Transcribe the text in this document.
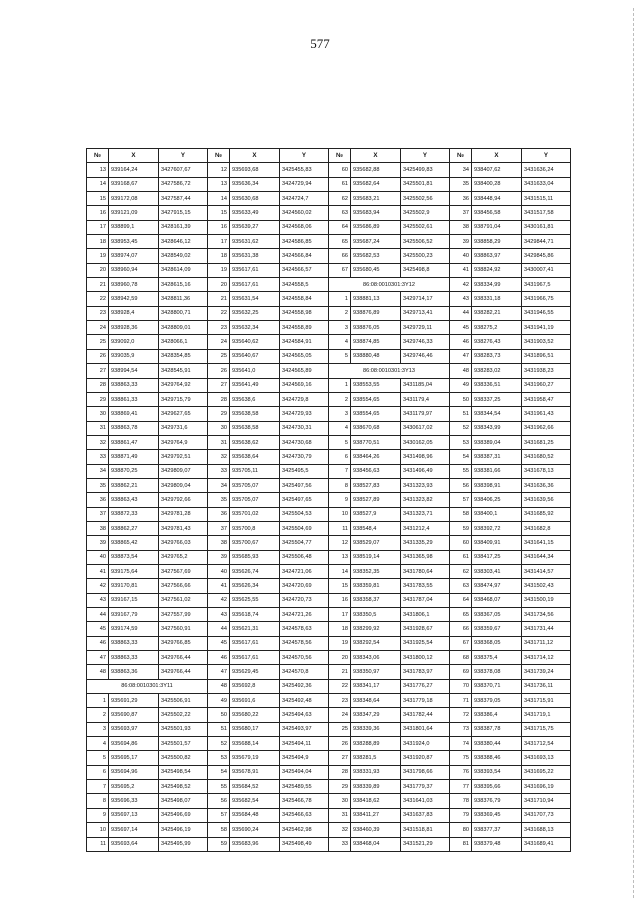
577
№	X	Y	№	X	Y	№	X	Y	№	X	Y
13	939164,24	3427607,67	12	935693,68	3425455,83	60	935682,88	3425499,83	34	938407,62	3431636,24
14	939168,67	3427586,72	13	935636,34	3424729,94	61	935682,64	3425501,81	35	938400,28	3431633,04
15	939172,08	3427587,44	14	935630,68	3424724,7	62	935683,21	3425502,56	36	938448,94	3431515,11
16	939121,09	3427915,15	15	935633,49	3424560,02	63	935683,94	3425502,9	37	938456,58	3431517,58
17	938899,1	3428161,39	16	935639,27	3424568,06	64	935686,89	3425502,61	38	938791,04	3430161,81
18	938953,45	3428646,12	17	935631,62	3424586,85	65	935687,24	3425506,52	39	938858,29	3429844,71
19	938974,07	3428549,02	18	935631,38	3424566,84	66	935682,53	3425500,23	40	938863,97	3429845,86
20	938960,94	3428614,09	19	935617,61	3424566,57	67	935680,45	3425498,8	41	938824,92	3430007,41
21	938960,78	3428615,16	20	935617,61	3424558,5	86:08:0010301:3Y12			42	938334,99	3431967,5
22	938942,59	3428811,36	21	935631,54	3424558,84	1	938881,13	3429714,17	43	938331,18	3431966,75
23	938928,4	3428800,71	22	935632,25	3424558,98	2	938876,89	3429713,41	44	938282,21	3431946,55
24	938928,36	3428809,01	23	935632,34	3424558,89	3	938876,05	3429729,11	45	938275,2	3431941,19
25	939092,0	3428066,1	24	935640,62	3424584,91	4	938874,85	3429746,33	46	938276,43	3431903,52
26	939035,9	3428354,85	25	935640,67	3424565,05	5	938880,48	3429746,46	47	938283,73	3431896,51
27	938994,54	3428545,91	26	935641,0	3424565,89	86:08:0010301:3Y13			48	938283,02	3431938,23
28	938863,33	3429764,92	27	935641,49	3424569,16	1	938553,55	3431185,04	49	938336,51	3431960,27
29	938861,33	3429715,79	28	935638,6	3424729,8	2	938554,65	3431179,4	50	938337,25	3431958,47
30	938869,41	3429627,65	29	935638,58	3424729,93	3	938554,65	3431179,97	51	938344,54	3431961,43
31	938863,78	3429731,6	30	935638,58	3424730,31	4	938670,68	3430617,02	52	938343,99	3431962,66
32	938861,47	3429764,9	31	935638,62	3424730,68	5	938770,51	3430162,05	53	938389,04	3431681,25
33	938871,49	3429792,51	32	935638,64	3424730,79	6	938464,26	3431498,96	54	938387,31	3431680,52
34	938870,25	3429809,07	33	935705,11	3425495,5	7	938456,63	3431496,49	55	938381,66	3431678,13
35	938862,21	3429809,04	34	935705,07	3425497,56	8	938527,83	3431323,93	56	938398,91	3431636,36
36	938863,43	3429792,66	35	935705,07	3425497,65	9	938527,89	3431323,82	57	938406,25	3431639,56
37	938872,33	3429781,28	36	935701,02	3425504,53	10	938527,9	3431323,71	58	938400,1	3431685,92
38	938862,27	3429781,43	37	935700,8	3425504,69	11	938548,4	3431212,4	59	938392,72	3431682,8
39	938865,42	3429766,03	38	935700,67	3425504,77	12	938529,07	3431335,29	60	938409,91	3431641,15
40	938873,54	3429765,2	39	935685,93	3425506,48	13	938519,14	3431365,98	61	938417,25	3431644,34
41	939175,64	3427567,69	40	935626,74	3424721,06	14	938352,35	3431780,64	62	938303,41	3431414,57
42	939170,81	3427566,66	41	935626,34	3424720,69	15	938359,81	3431783,55	63	938474,97	3431502,43
43	939167,15	3427561,02	42	935625,55	3424720,73	16	938358,37	3431787,04	64	938468,07	3431500,19
44	939167,79	3427557,99	43	935618,74	3424721,26	17	938350,5	3431806,1	65	938367,05	3431734,56
45	939174,59	3427560,91	44	935621,31	3424578,63	18	938299,92	3431928,67	66	938359,67	3431731,44
46	938863,33	3429766,85	45	935617,61	3424578,56	19	938292,54	3431925,54	67	938368,05	3431711,12
47	938863,33	3429766,44	46	935617,61	3424570,56	20	938343,06	3431800,12	68	938375,4	3431714,12
48	938863,36	3429766,44	47	935629,45	3424570,8	21	938350,97	3431783,97	69	938378,08	3431739,24
86:08:0010301:3Y11			48	935692,8	3425492,36	22	938341,17	3431776,27	70	938370,71	3431736,11
1	935691,29	3425506,91	49	935691,6	3425492,48	23	938348,64	3431779,18	71	938379,05	3431715,91
2	935690,87	3425502,22	50	935680,22	3425494,63	24	938347,29	3431782,44	72	938386,4	3431719,1
3	935693,97	3425501,93	51	935680,17	3425493,97	25	938339,36	3431801,64	73	938387,78	3431715,75
4	935694,86	3425501,57	52	935688,14	3425494,11	26	938288,89	3431924,0	74	938380,44	3431712,54
5	935695,17	3425500,82	53	935679,19	3425494,9	27	938281,5	3431920,87	75	938388,46	3431693,13
6	935694,96	3425498,54	54	935678,91	3425494,04	28	938331,93	3431798,66	76	938393,54	3431695,22
7	935695,2	3425498,52	55	935684,52	3425489,55	29	938339,89	3431779,37	77	938395,66	3431696,19
8	935696,33	3425498,07	56	935682,54	3425466,78	30	938418,62	3431641,03	78	938376,79	3431710,94
9	935697,13	3425496,69	57	935684,48	3425466,63	31	938411,27	3431637,83	79	938369,45	3431707,73
10	935697,14	3425496,19	58	935690,24	3425462,98	32	938460,39	3431518,81	80	938377,37	3431688,13
11	935693,64	3425495,99	59	935683,96	3425498,49	33	938468,04	3431521,29	81	938379,48	3431689,41
